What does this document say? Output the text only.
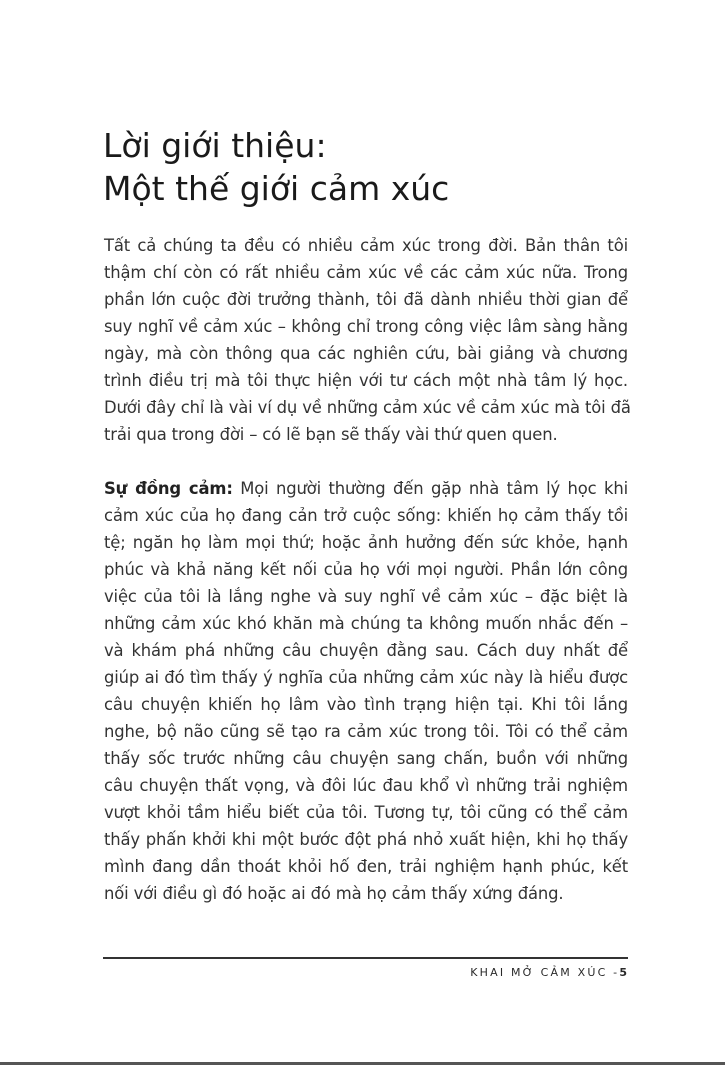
Lời giới thiệu:
Một thế giới cảm xúc
Tất cả chúng ta đều có nhiều cảm xúc trong đời. Bản thân tôi
thậm chí còn có rất nhiều cảm xúc về các cảm xúc nữa. Trong
phần lớn cuộc đời trưởng thành, tôi đã dành nhiều thời gian để
suy nghĩ về cảm xúc – không chỉ trong công việc lâm sàng hằng
ngày, mà còn thông qua các nghiên cứu, bài giảng và chương
trình điều trị mà tôi thực hiện với tư cách một nhà tâm lý học.
Dưới đây chỉ là vài ví dụ về những cảm xúc về cảm xúc mà tôi đã
trải qua trong đời – có lẽ bạn sẽ thấy vài thứ quen quen.
Sự đồng cảm: Mọi người thường đến gặp nhà tâm lý học khi
cảm xúc của họ đang cản trở cuộc sống: khiến họ cảm thấy tồi
tệ; ngăn họ làm mọi thứ; hoặc ảnh hưởng đến sức khỏe, hạnh
phúc và khả năng kết nối của họ với mọi người. Phần lớn công
việc của tôi là lắng nghe và suy nghĩ về cảm xúc – đặc biệt là
những cảm xúc khó khăn mà chúng ta không muốn nhắc đến –
và khám phá những câu chuyện đằng sau. Cách duy nhất để
giúp ai đó tìm thấy ý nghĩa của những cảm xúc này là hiểu được
câu chuyện khiến họ lâm vào tình trạng hiện tại. Khi tôi lắng
nghe, bộ não cũng sẽ tạo ra cảm xúc trong tôi. Tôi có thể cảm
thấy sốc trước những câu chuyện sang chấn, buồn với những
câu chuyện thất vọng, và đôi lúc đau khổ vì những trải nghiệm
vượt khỏi tầm hiểu biết của tôi. Tương tự, tôi cũng có thể cảm
thấy phấn khởi khi một bước đột phá nhỏ xuất hiện, khi họ thấy
mình đang dần thoát khỏi hố đen, trải nghiệm hạnh phúc, kết
nối với điều gì đó hoặc ai đó mà họ cảm thấy xứng đáng.
KHAI MỞ CẢM XÚC -5
